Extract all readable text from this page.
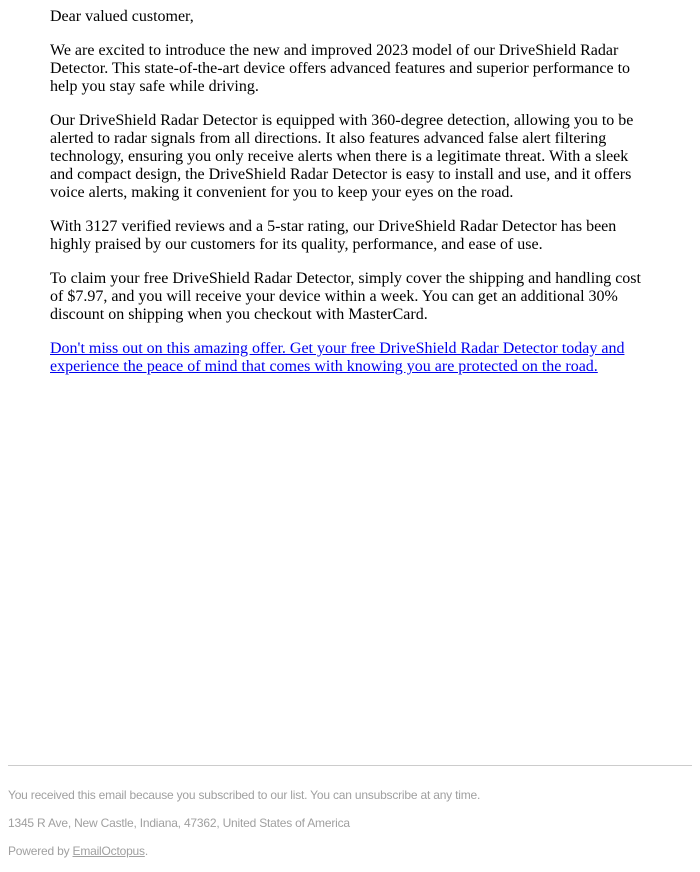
Dear valued customer,

We are excited to introduce the new and improved 2023 model of our DriveShield Radar Detector. This state-of-the-art device offers advanced features and superior performance to help you stay safe while driving.

Our DriveShield Radar Detector is equipped with 360-degree detection, allowing you to be alerted to radar signals from all directions. It also features advanced false alert filtering technology, ensuring you only receive alerts when there is a legitimate threat. With a sleek and compact design, the DriveShield Radar Detector is easy to install and use, and it offers voice alerts, making it convenient for you to keep your eyes on the road.

With 3127 verified reviews and a 5-star rating, our DriveShield Radar Detector has been highly praised by our customers for its quality, performance, and ease of use.

To claim your free DriveShield Radar Detector, simply cover the shipping and handling cost of $7.97, and you will receive your device within a week. You can get an additional 30% discount on shipping when you checkout with MasterCard.

Don't miss out on this amazing offer. Get your free DriveShield Radar Detector today and experience the peace of mind that comes with knowing you are protected on the road.

You received this email because you subscribed to our list. You can unsubscribe at any time.

1345 R Ave, New Castle, Indiana, 47362, United States of America

Powered by EmailOctopus.
